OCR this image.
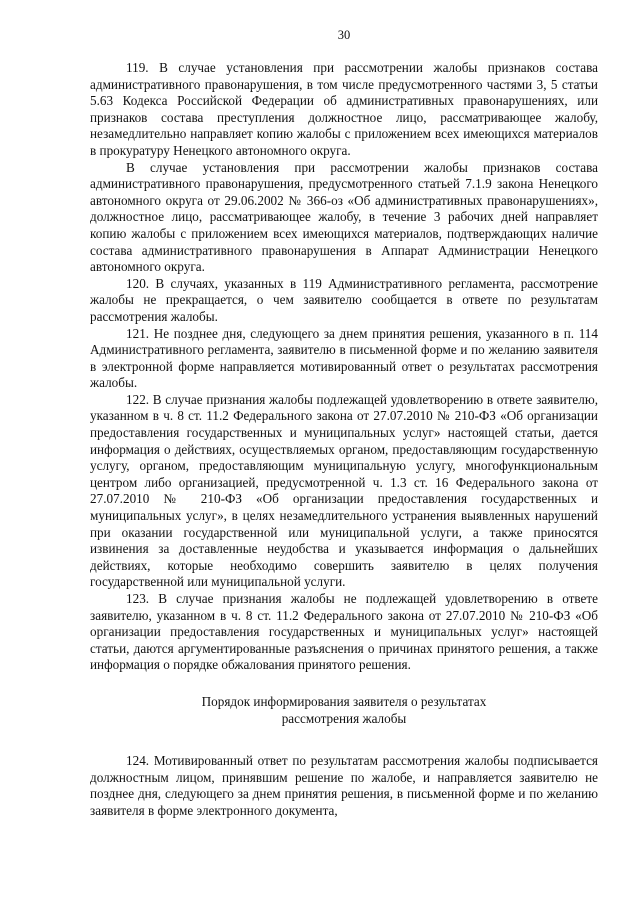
30

119. В случае установления при рассмотрении жалобы признаков состава административного правонарушения, в том числе предусмотренного частями 3, 5 статьи 5.63 Кодекса Российской Федерации об административных правонарушениях, или признаков состава преступления должностное лицо, рассматривающее жалобу, незамедлительно направляет копию жалобы с приложением всех имеющихся материалов в прокуратуру Ненецкого автономного округа.

В случае установления при рассмотрении жалобы признаков состава административного правонарушения, предусмотренного статьей 7.1.9 закона Ненецкого автономного округа от 29.06.2002 № 366-оз «Об административных правонарушениях», должностное лицо, рассматривающее жалобу, в течение 3 рабочих дней направляет копию жалобы с приложением всех имеющихся материалов, подтверждающих наличие состава административного правонарушения в Аппарат Администрации Ненецкого автономного округа.

120. В случаях, указанных в 119 Административного регламента, рассмотрение жалобы не прекращается, о чем заявителю сообщается в ответе по результатам рассмотрения жалобы.

121. Не позднее дня, следующего за днем принятия решения, указанного в п. 114 Административного регламента, заявителю в письменной форме и по желанию заявителя в электронной форме направляется мотивированный ответ о результатах рассмотрения жалобы.

122. В случае признания жалобы подлежащей удовлетворению в ответе заявителю, указанном в ч. 8 ст. 11.2 Федерального закона от 27.07.2010 № 210-ФЗ «Об организации предоставления государственных и муниципальных услуг» настоящей статьи, дается информация о действиях, осуществляемых органом, предоставляющим государственную услугу, органом, предоставляющим муниципальную услугу, многофункциональным центром либо организацией, предусмотренной ч. 1.3 ст. 16 Федерального закона от 27.07.2010 № 210-ФЗ «Об организации предоставления государственных и муниципальных услуг», в целях незамедлительного устранения выявленных нарушений при оказании государственной или муниципальной услуги, а также приносятся извинения за доставленные неудобства и указывается информация о дальнейших действиях, которые необходимо совершить заявителю в целях получения государственной или муниципальной услуги.

123. В случае признания жалобы не подлежащей удовлетворению в ответе заявителю, указанном в ч. 8 ст. 11.2 Федерального закона от 27.07.2010 № 210-ФЗ «Об организации предоставления государственных и муниципальных услуг» настоящей статьи, даются аргументированные разъяснения о причинах принятого решения, а также информация о порядке обжалования принятого решения.

Порядок информирования заявителя о результатах
рассмотрения жалобы

124. Мотивированный ответ по результатам рассмотрения жалобы подписывается должностным лицом, принявшим решение по жалобе, и направляется заявителю не позднее дня, следующего за днем принятия решения, в письменной форме и по желанию заявителя в форме электронного документа,
